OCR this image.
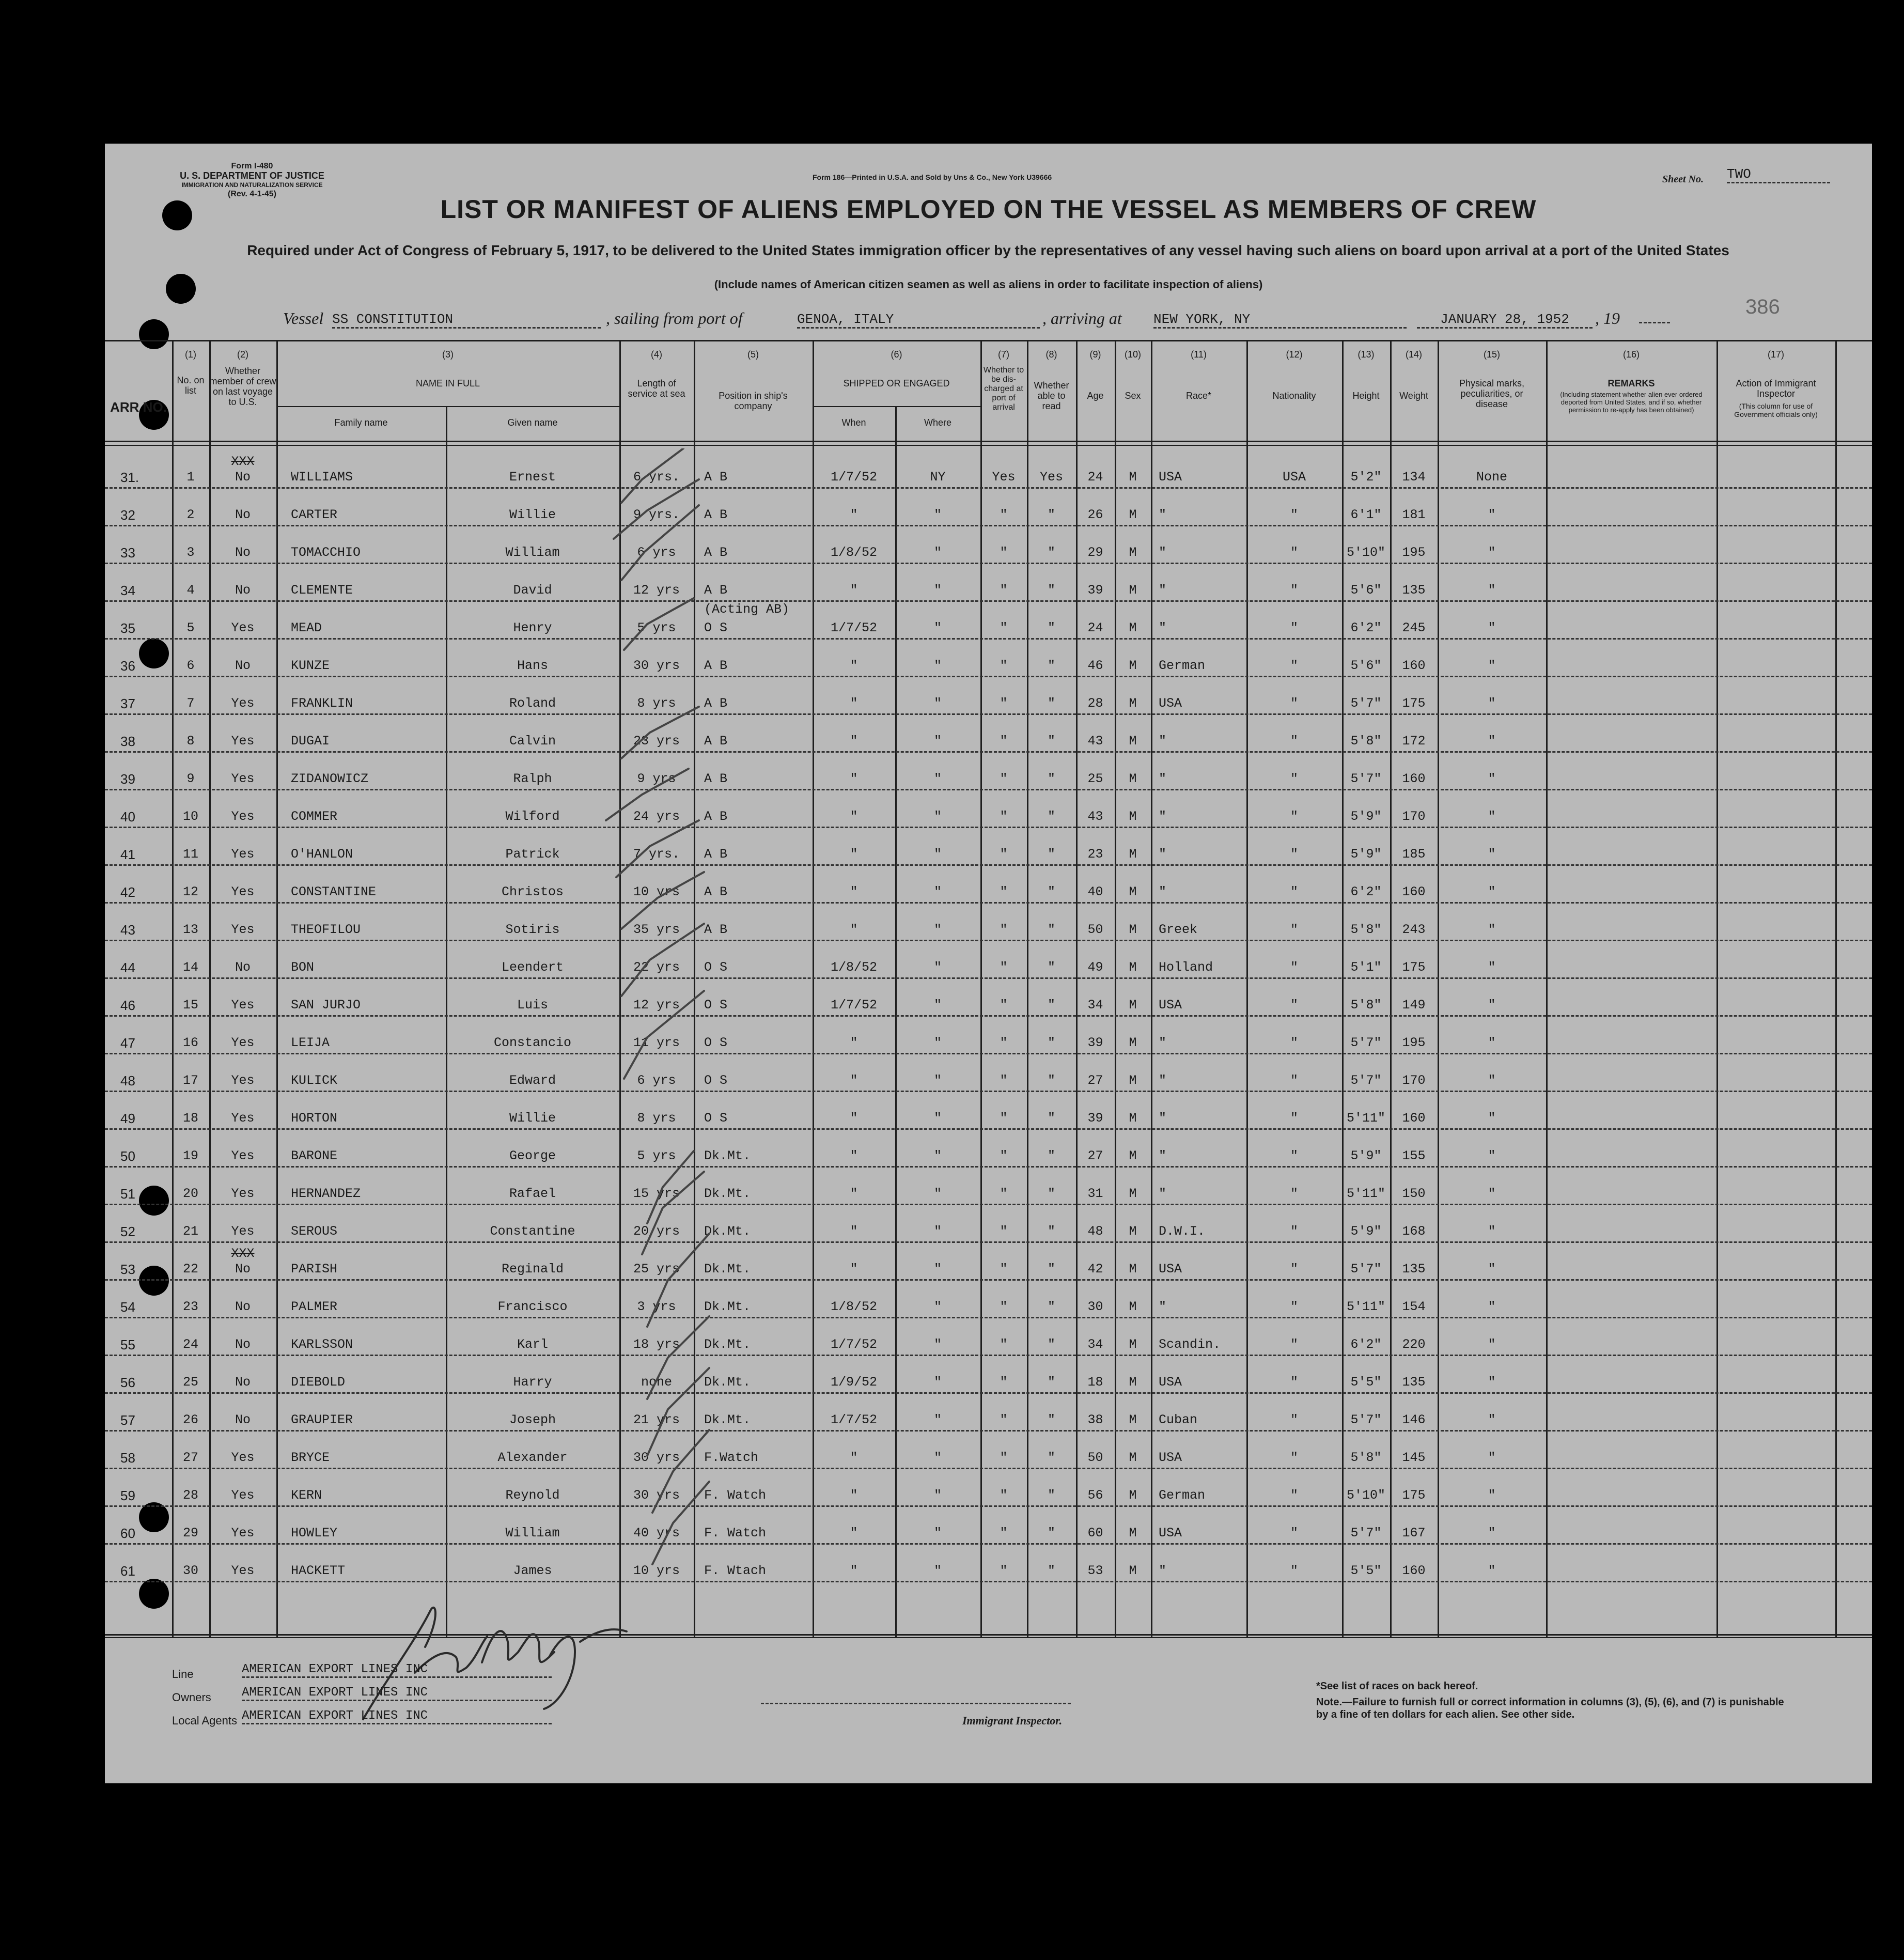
Form I-480
U. S. DEPARTMENT OF JUSTICE
IMMIGRATION AND NATURALIZATION SERVICE
(Rev. 4-1-45)
Form 186—Printed in U.S.A. and Sold by Uns & Co., New York U39666	Sheet No. TWO
LIST OR MANIFEST OF ALIENS EMPLOYED ON THE VESSEL AS MEMBERS OF CREW
Required under Act of Congress of February 5, 1917, to be delivered to the United States immigration officer by the representatives of any vessel having such aliens on board upon arrival at a port of the United States
(Include names of American citizen seamen as well as aliens in order to facilitate inspection of aliens)
Vessel SS CONSTITUTION	, sailing from port of	GENOA, ITALY	, arriving at NEW YORK, NY	JANUARY 28, 1952	, 19	386
ARR NO.
(1)
No. on list
(2)
Whether member of crew on last voyage to U.S.
(3)
NAME IN FULL
Family name	Given name
(4)
Length of service at sea
(5)
Position in ship's company
(6)
SHIPPED OR ENGAGED
When	Where
(7)
Whether to be dis-charged at port of arrival
(8)
Whether able to read
(9)
Age
(10)
Sex
(11)
Race*
(12)
Nationality
(13)
Height
(14)
Weight
(15)
Physical marks, peculiarities, or disease
(16)
REMARKS
(Including statement whether alien ever ordered deported from United States, and if so, whether permission to re-apply has been obtained)
(17)
Action of Immigrant Inspector
(This column for use of Government officials only)
31.	1	No	WILLIAMS	Ernest	6 yrs.	A B	1/7/52	NY	Yes	Yes	24	M	USA	USA	5'2"	134	None
XXX
32	2	No	CARTER	Willie	9 yrs.	A B	"	"	"	"	26	M	"	"	6'1"	181	"
33	3	No	TOMACCHIO	William	6 yrs	A B	1/8/52	"	"	"	29	M	"	"	5'10"	195	"
34	4	No	CLEMENTE	David	12 yrs	A B	"	"	"	"	39	M	"	"	5'6"	135	"
35	5	Yes	MEAD	Henry	5 yrs	O S	1/7/52	"	"	"	24	M	"	"	6'2"	245	"
(Acting AB)
36	6	No	KUNZE	Hans	30 yrs	A B	"	"	"	"	46	M	German	"	5'6"	160	"
37	7	Yes	FRANKLIN	Roland	8 yrs	A B	"	"	"	"	28	M	USA	"	5'7"	175	"
38	8	Yes	DUGAI	Calvin	23 yrs	A B	"	"	"	"	43	M	"	"	5'8"	172	"
39	9	Yes	ZIDANOWICZ	Ralph	9 yrs	A B	"	"	"	"	25	M	"	"	5'7"	160	"
40	10	Yes	COMMER	Wilford	24 yrs	A B	"	"	"	"	43	M	"	"	5'9"	170	"
41	11	Yes	O'HANLON	Patrick	7 yrs.	A B	"	"	"	"	23	M	"	"	5'9"	185	"
42	12	Yes	CONSTANTINE	Christos	10 yrs	A B	"	"	"	"	40	M	"	"	6'2"	160	"
43	13	Yes	THEOFILOU	Sotiris	35 yrs	A B	"	"	"	"	50	M	Greek	"	5'8"	243	"
44	14	No	BON	Leendert	22 yrs	O S	1/8/52	"	"	"	49	M	Holland	"	5'1"	175	"
46	15	Yes	SAN JURJO	Luis	12 yrs	O S	1/7/52	"	"	"	34	M	USA	"	5'8"	149	"
47	16	Yes	LEIJA	Constancio	11 yrs	O S	"	"	"	"	39	M	"	"	5'7"	195	"
48	17	Yes	KULICK	Edward	6 yrs	O S	"	"	"	"	27	M	"	"	5'7"	170	"
49	18	Yes	HORTON	Willie	8 yrs	O S	"	"	"	"	39	M	"	"	5'11"	160	"
50	19	Yes	BARONE	George	5 yrs	Dk.Mt.	"	"	"	"	27	M	"	"	5'9"	155	"
51	20	Yes	HERNANDEZ	Rafael	15 yrs	Dk.Mt.	"	"	"	"	31	M	"	"	5'11"	150	"
52	21	Yes	SEROUS	Constantine	20 yrs	Dk.Mt.	"	"	"	"	48	M	D.W.I.	"	5'9"	168	"
53	22	No	PARISH	Reginald	25 yrs	Dk.Mt.	"	"	"	"	42	M	USA	"	5'7"	135	"
XXX
54	23	No	PALMER	Francisco	3 yrs	Dk.Mt.	1/8/52	"	"	"	30	M	"	"	5'11"	154	"
55	24	No	KARLSSON	Karl	18 yrs	Dk.Mt.	1/7/52	"	"	"	34	M	Scandin.	"	6'2"	220	"
56	25	No	DIEBOLD	Harry	none	Dk.Mt.	1/9/52	"	"	"	18	M	USA	"	5'5"	135	"
57	26	No	GRAUPIER	Joseph	21 yrs	Dk.Mt.	1/7/52	"	"	"	38	M	Cuban	"	5'7"	146	"
58	27	Yes	BRYCE	Alexander	30 yrs	F.Watch	"	"	"	"	50	M	USA	"	5'8"	145	"
59	28	Yes	KERN	Reynold	30 yrs	F. Watch	"	"	"	"	56	M	German	"	5'10"	175	"
60	29	Yes	HOWLEY	William	40 yrs	F. Watch	"	"	"	"	60	M	USA	"	5'7"	167	"
61	30	Yes	HACKETT	James	10 yrs	F. Wtach	"	"	"	"	53	M	"	"	5'5"	160	"
Line	AMERICAN EXPORT LINES INC
Owners AMERICAN EXPORT LINES INC
Local Agents AMERICAN EXPORT LINES INC	Immigrant Inspector.
*See list of races on back hereof.
Note.—Failure to furnish full or correct information in columns (3), (5), (6), and (7) is punishable by a fine of ten dollars for each alien. See other side.
